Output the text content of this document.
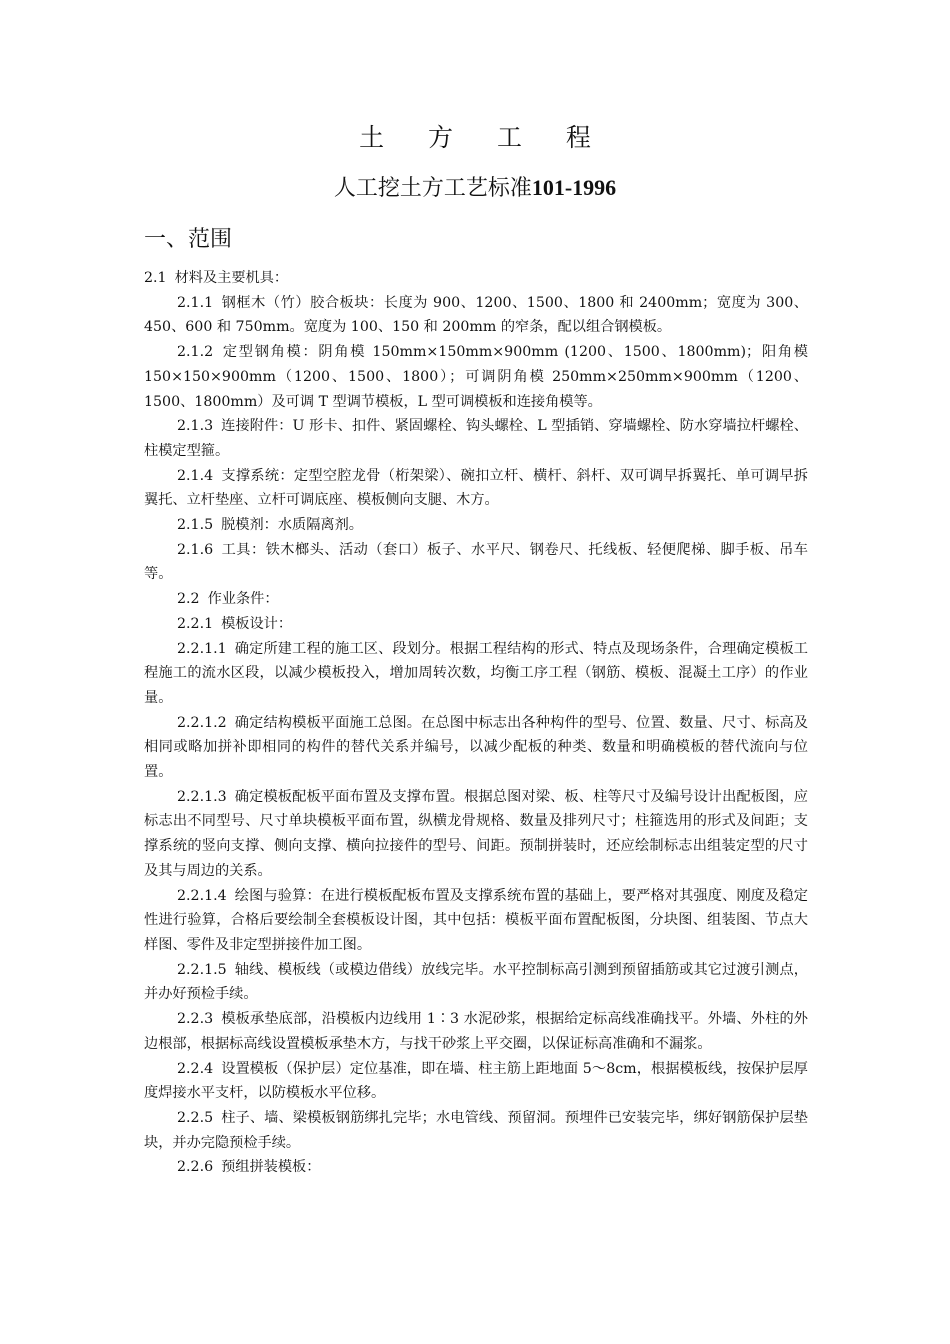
土 方 工 程
人工挖土方工艺标准101-1996
一、范围

2.1 材料及主要机具：

2.1.1 钢框木（竹）胶合板块：长度为 900、1200、1500、1800 和 2400mm；宽度为 300、450、600 和 750mm。宽度为 100、150 和 200mm 的窄条，配以组合钢模板。

2.1.2 定型钢角模：阴角模 150mm×150mm×900mm (1200、1500、1800mm)；阳角模 150×150×900mm（1200、1500、1800）；可调阴角模 250mm×250mm×900mm（1200、1500、1800mm）及可调 T 型调节模板，L 型可调模板和连接角模等。

2.1.3 连接附件：U 形卡、扣件、紧固螺栓、钩头螺栓、L 型插销、穿墙螺栓、防水穿墙拉杆螺栓、柱模定型箍。

2.1.4 支撑系统：定型空腔龙骨（桁架梁）、碗扣立杆、横杆、斜杆、双可调早拆翼托、单可调早拆翼托、立杆垫座、立杆可调底座、模板侧向支腿、木方。

2.1.5 脱模剂：水质隔离剂。

2.1.6 工具：铁木榔头、活动（套口）板子、水平尺、钢卷尺、托线板、轻便爬梯、脚手板、吊车等。

2.2 作业条件：

2.2.1 模板设计：

2.2.1.1 确定所建工程的施工区、段划分。根据工程结构的形式、特点及现场条件，合理确定模板工程施工的流水区段，以减少模板投入，增加周转次数，均衡工序工程（钢筋、模板、混凝土工序）的作业量。

2.2.1.2 确定结构模板平面施工总图。在总图中标志出各种构件的型号、位置、数量、尺寸、标高及相同或略加拼补即相同的构件的替代关系并编号，以减少配板的种类、数量和明确模板的替代流向与位置。

2.2.1.3 确定模板配板平面布置及支撑布置。根据总图对梁、板、柱等尺寸及编号设计出配板图，应标志出不同型号、尺寸单块模板平面布置，纵横龙骨规格、数量及排列尺寸；柱箍选用的形式及间距；支撑系统的竖向支撑、侧向支撑、横向拉接件的型号、间距。预制拼装时，还应绘制标志出组装定型的尺寸及其与周边的关系。

2.2.1.4 绘图与验算：在进行模板配板布置及支撑系统布置的基础上，要严格对其强度、刚度及稳定性进行验算，合格后要绘制全套模板设计图，其中包括：模板平面布置配板图，分块图、组装图、节点大样图、零件及非定型拼接件加工图。

2.2.1.5 轴线、模板线（或模边借线）放线完毕。水平控制标高引测到预留插筋或其它过渡引测点，并办好预检手续。

2.2.3 模板承垫底部，沿模板内边线用 1∶3 水泥砂浆，根据给定标高线准确找平。外墙、外柱的外边根部，根据标高线设置模板承垫木方，与找干砂浆上平交圈，以保证标高准确和不漏浆。

2.2.4 设置模板（保护层）定位基准，即在墙、柱主筋上距地面 5～8cm，根据模板线，按保护层厚度焊接水平支杆，以防模板水平位移。

2.2.5 柱子、墙、梁模板钢筋绑扎完毕；水电管线、预留洞。预埋件已安装完毕，绑好钢筋保护层垫块，并办完隐预检手续。

2.2.6 预组拼装模板：
